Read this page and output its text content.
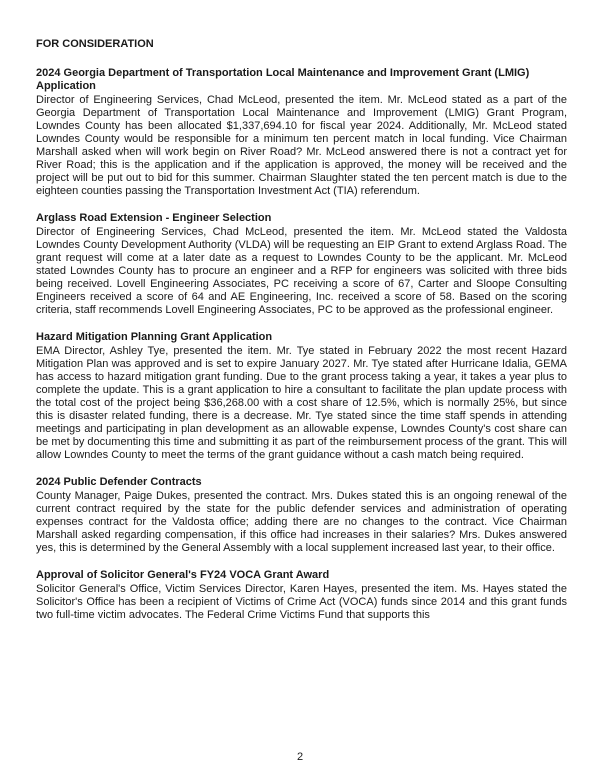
FOR CONSIDERATION
2024 Georgia Department of Transportation Local Maintenance and Improvement Grant (LMIG) Application

Director of Engineering Services, Chad McLeod, presented the item. Mr. McLeod stated as a part of the Georgia Department of Transportation Local Maintenance and Improvement (LMIG) Grant Program, Lowndes County has been allocated $1,337,694.10 for fiscal year 2024. Additionally, Mr. McLeod stated Lowndes County would be responsible for a minimum ten percent match in local funding. Vice Chairman Marshall asked when will work begin on River Road? Mr. McLeod answered there is not a contract yet for River Road; this is the application and if the application is approved, the money will be received and the project will be put out to bid for this summer. Chairman Slaughter stated the ten percent match is due to the eighteen counties passing the Transportation Investment Act (TIA) referendum.

Arglass Road Extension - Engineer Selection

Director of Engineering Services, Chad McLeod, presented the item. Mr. McLeod stated the Valdosta Lowndes County Development Authority (VLDA) will be requesting an EIP Grant to extend Arglass Road. The grant request will come at a later date as a request to Lowndes County to be the applicant. Mr. McLeod stated Lowndes County has to procure an engineer and a RFP for engineers was solicited with three bids being received. Lovell Engineering Associates, PC receiving a score of 67, Carter and Sloope Consulting Engineers received a score of 64 and AE Engineering, Inc. received a score of 58. Based on the scoring criteria, staff recommends Lovell Engineering Associates, PC to be approved as the professional engineer.

Hazard Mitigation Planning Grant Application

EMA Director, Ashley Tye, presented the item. Mr. Tye stated in February 2022 the most recent Hazard Mitigation Plan was approved and is set to expire January 2027. Mr. Tye stated after Hurricane Idalia, GEMA has access to hazard mitigation grant funding. Due to the grant process taking a year, it takes a year plus to complete the update. This is a grant application to hire a consultant to facilitate the plan update process with the total cost of the project being $36,268.00 with a cost share of 12.5%, which is normally 25%, but since this is disaster related funding, there is a decrease. Mr. Tye stated since the time staff spends in attending meetings and participating in plan development as an allowable expense, Lowndes County's cost share can be met by documenting this time and submitting it as part of the reimbursement process of the grant. This will allow Lowndes County to meet the terms of the grant guidance without a cash match being required.

2024 Public Defender Contracts

County Manager, Paige Dukes, presented the contract. Mrs. Dukes stated this is an ongoing renewal of the current contract required by the state for the public defender services and administration of operating expenses contract for the Valdosta office; adding there are no changes to the contract. Vice Chairman Marshall asked regarding compensation, if this office had increases in their salaries? Mrs. Dukes answered yes, this is determined by the General Assembly with a local supplement increased last year, to their office.

Approval of Solicitor General's FY24 VOCA Grant Award

Solicitor General's Office, Victim Services Director, Karen Hayes, presented the item. Ms. Hayes stated the Solicitor's Office has been a recipient of Victims of Crime Act (VOCA) funds since 2014 and this grant funds two full-time victim advocates. The Federal Crime Victims Fund that supports this

2
